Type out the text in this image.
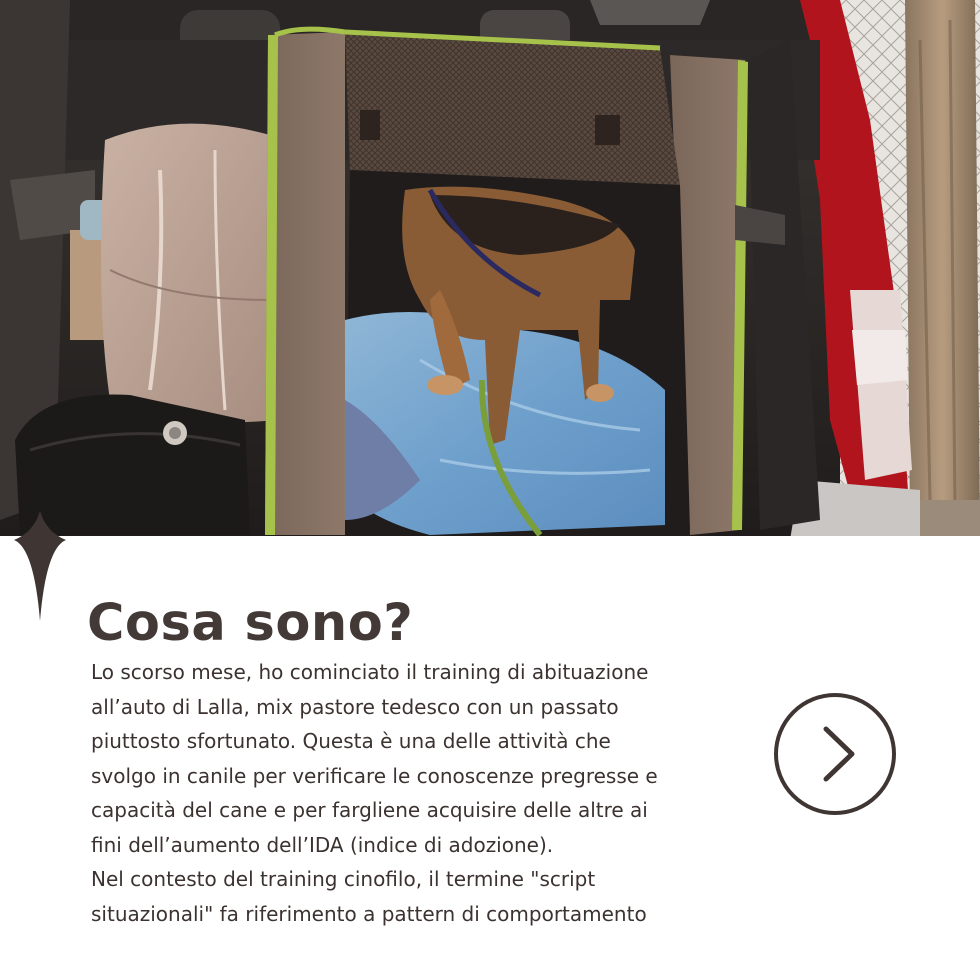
Cosa sono?
Lo scorso mese, ho cominciato il training di abituazione
all’auto di Lalla, mix pastore tedesco con un passato
piuttosto sfortunato. Questa è una delle attività che
svolgo in canile per verificare le conoscenze pregresse e
capacità del cane e per fargliene acquisire delle altre ai
fini dell’aumento dell’IDA (indice di adozione).
Nel contesto del training cinofilo, il termine "script
situazionali" fa riferimento a pattern di comportamento
